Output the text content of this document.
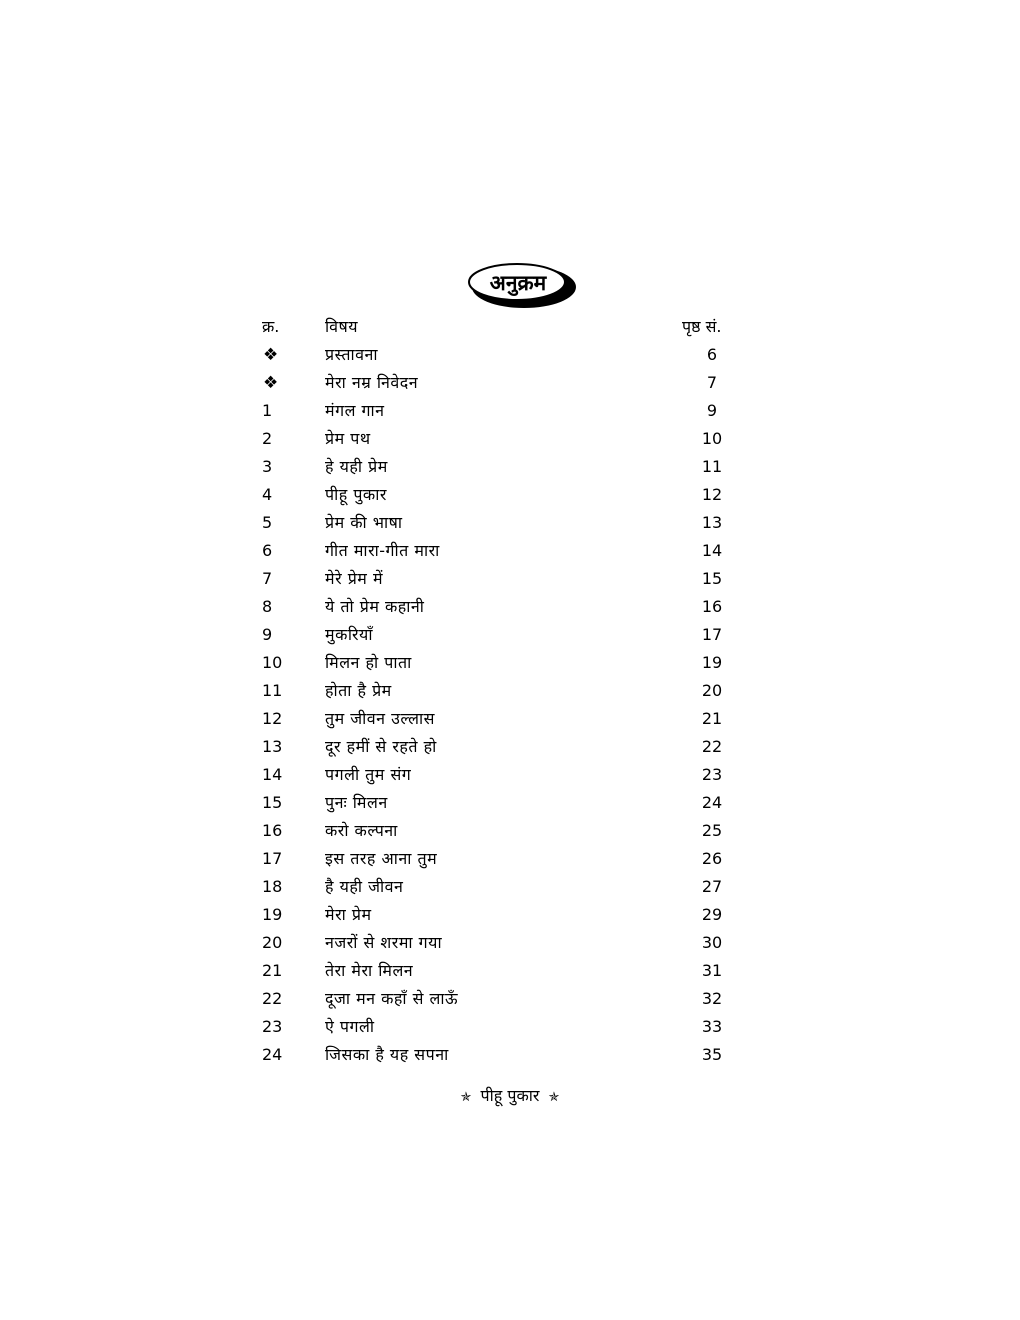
अनुक्रम
क्र.	विषय	पृष्ठ सं.
❖	प्रस्तावना	6
❖	मेरा नम्र निवेदन	7
1	मंगल गान	9
2	प्रेम पथ	10
3	हे यही प्रेम	11
4	पीहू पुकार	12
5	प्रेम की भाषा	13
6	गीत मारा-गीत मारा	14
7	मेरे प्रेम में	15
8	ये तो प्रेम कहानी	16
9	मुकरियाँ	17
10	मिलन हो पाता	19
11	होता है प्रेम	20
12	तुम जीवन उल्लास	21
13	दूर हमीं से रहते हो	22
14	पगली तुम संग	23
15	पुनः मिलन	24
16	करो कल्पना	25
17	इस तरह आना तुम	26
18	है यही जीवन	27
19	मेरा प्रेम	29
20	नजरों से शरमा गया	30
21	तेरा मेरा मिलन	31
22	दूजा मन कहाँ से लाऊँ	32
23	ऐ पगली	33
24	जिसका है यह सपना	35
✯ पीहू पुकार ✯
